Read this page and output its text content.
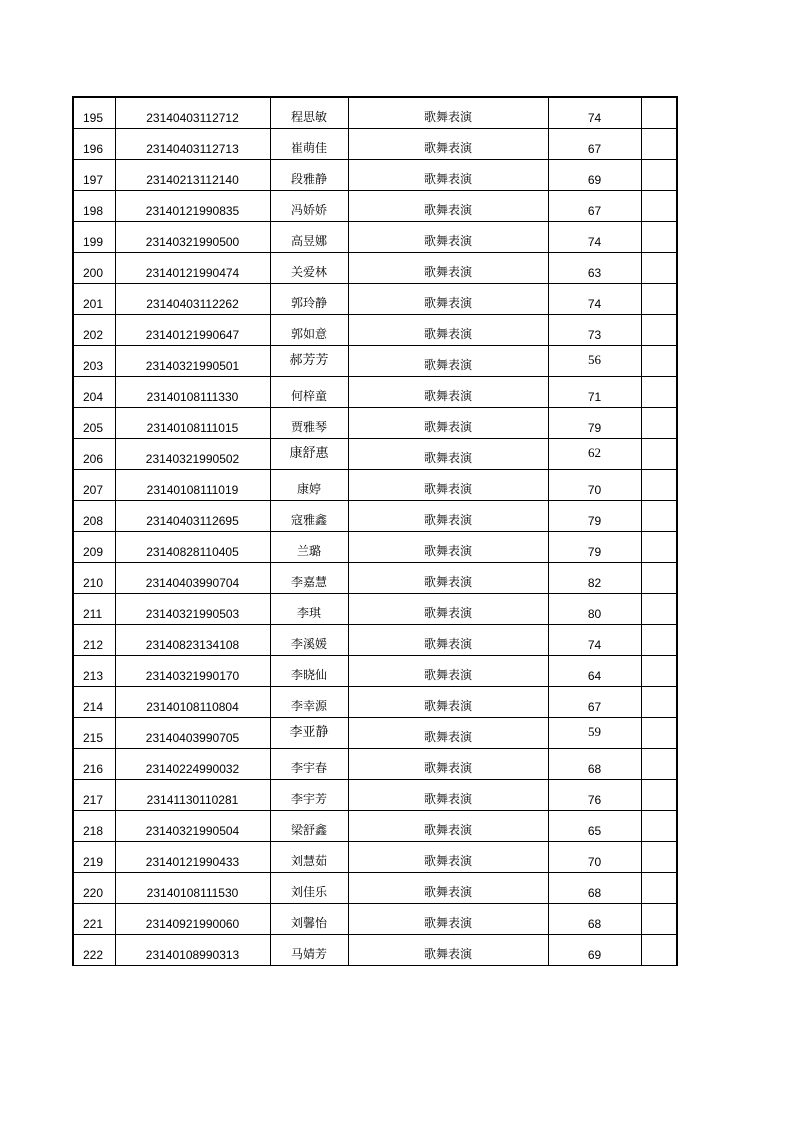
195	23140403112712	程思敏	歌舞表演	74	
196	23140403112713	崔萌佳	歌舞表演	67	
197	23140213112140	段雅静	歌舞表演	69	
198	23140121990835	冯娇娇	歌舞表演	67	
199	23140321990500	高昱娜	歌舞表演	74	
200	23140121990474	关爱林	歌舞表演	63	
201	23140403112262	郭玲静	歌舞表演	74	
202	23140121990647	郭如意	歌舞表演	73	
203	23140321990501	郝芳芳	歌舞表演	56	
204	23140108111330	何梓童	歌舞表演	71	
205	23140108111015	贾雅琴	歌舞表演	79	
206	23140321990502	康舒惠	歌舞表演	62	
207	23140108111019	康婷	歌舞表演	70	
208	23140403112695	寇雅鑫	歌舞表演	79	
209	23140828110405	兰璐	歌舞表演	79	
210	23140403990704	李嘉慧	歌舞表演	82	
211	23140321990503	李琪	歌舞表演	80	
212	23140823134108	李溪媛	歌舞表演	74	
213	23140321990170	李晓仙	歌舞表演	64	
214	23140108110804	李幸源	歌舞表演	67	
215	23140403990705	李亚静	歌舞表演	59	
216	23140224990032	李宇春	歌舞表演	68	
217	23141130110281	李宇芳	歌舞表演	76	
218	23140321990504	梁舒鑫	歌舞表演	65	
219	23140121990433	刘慧茹	歌舞表演	70	
220	23140108111530	刘佳乐	歌舞表演	68	
221	23140921990060	刘馨怡	歌舞表演	68	
222	23140108990313	马婧芳	歌舞表演	69	
